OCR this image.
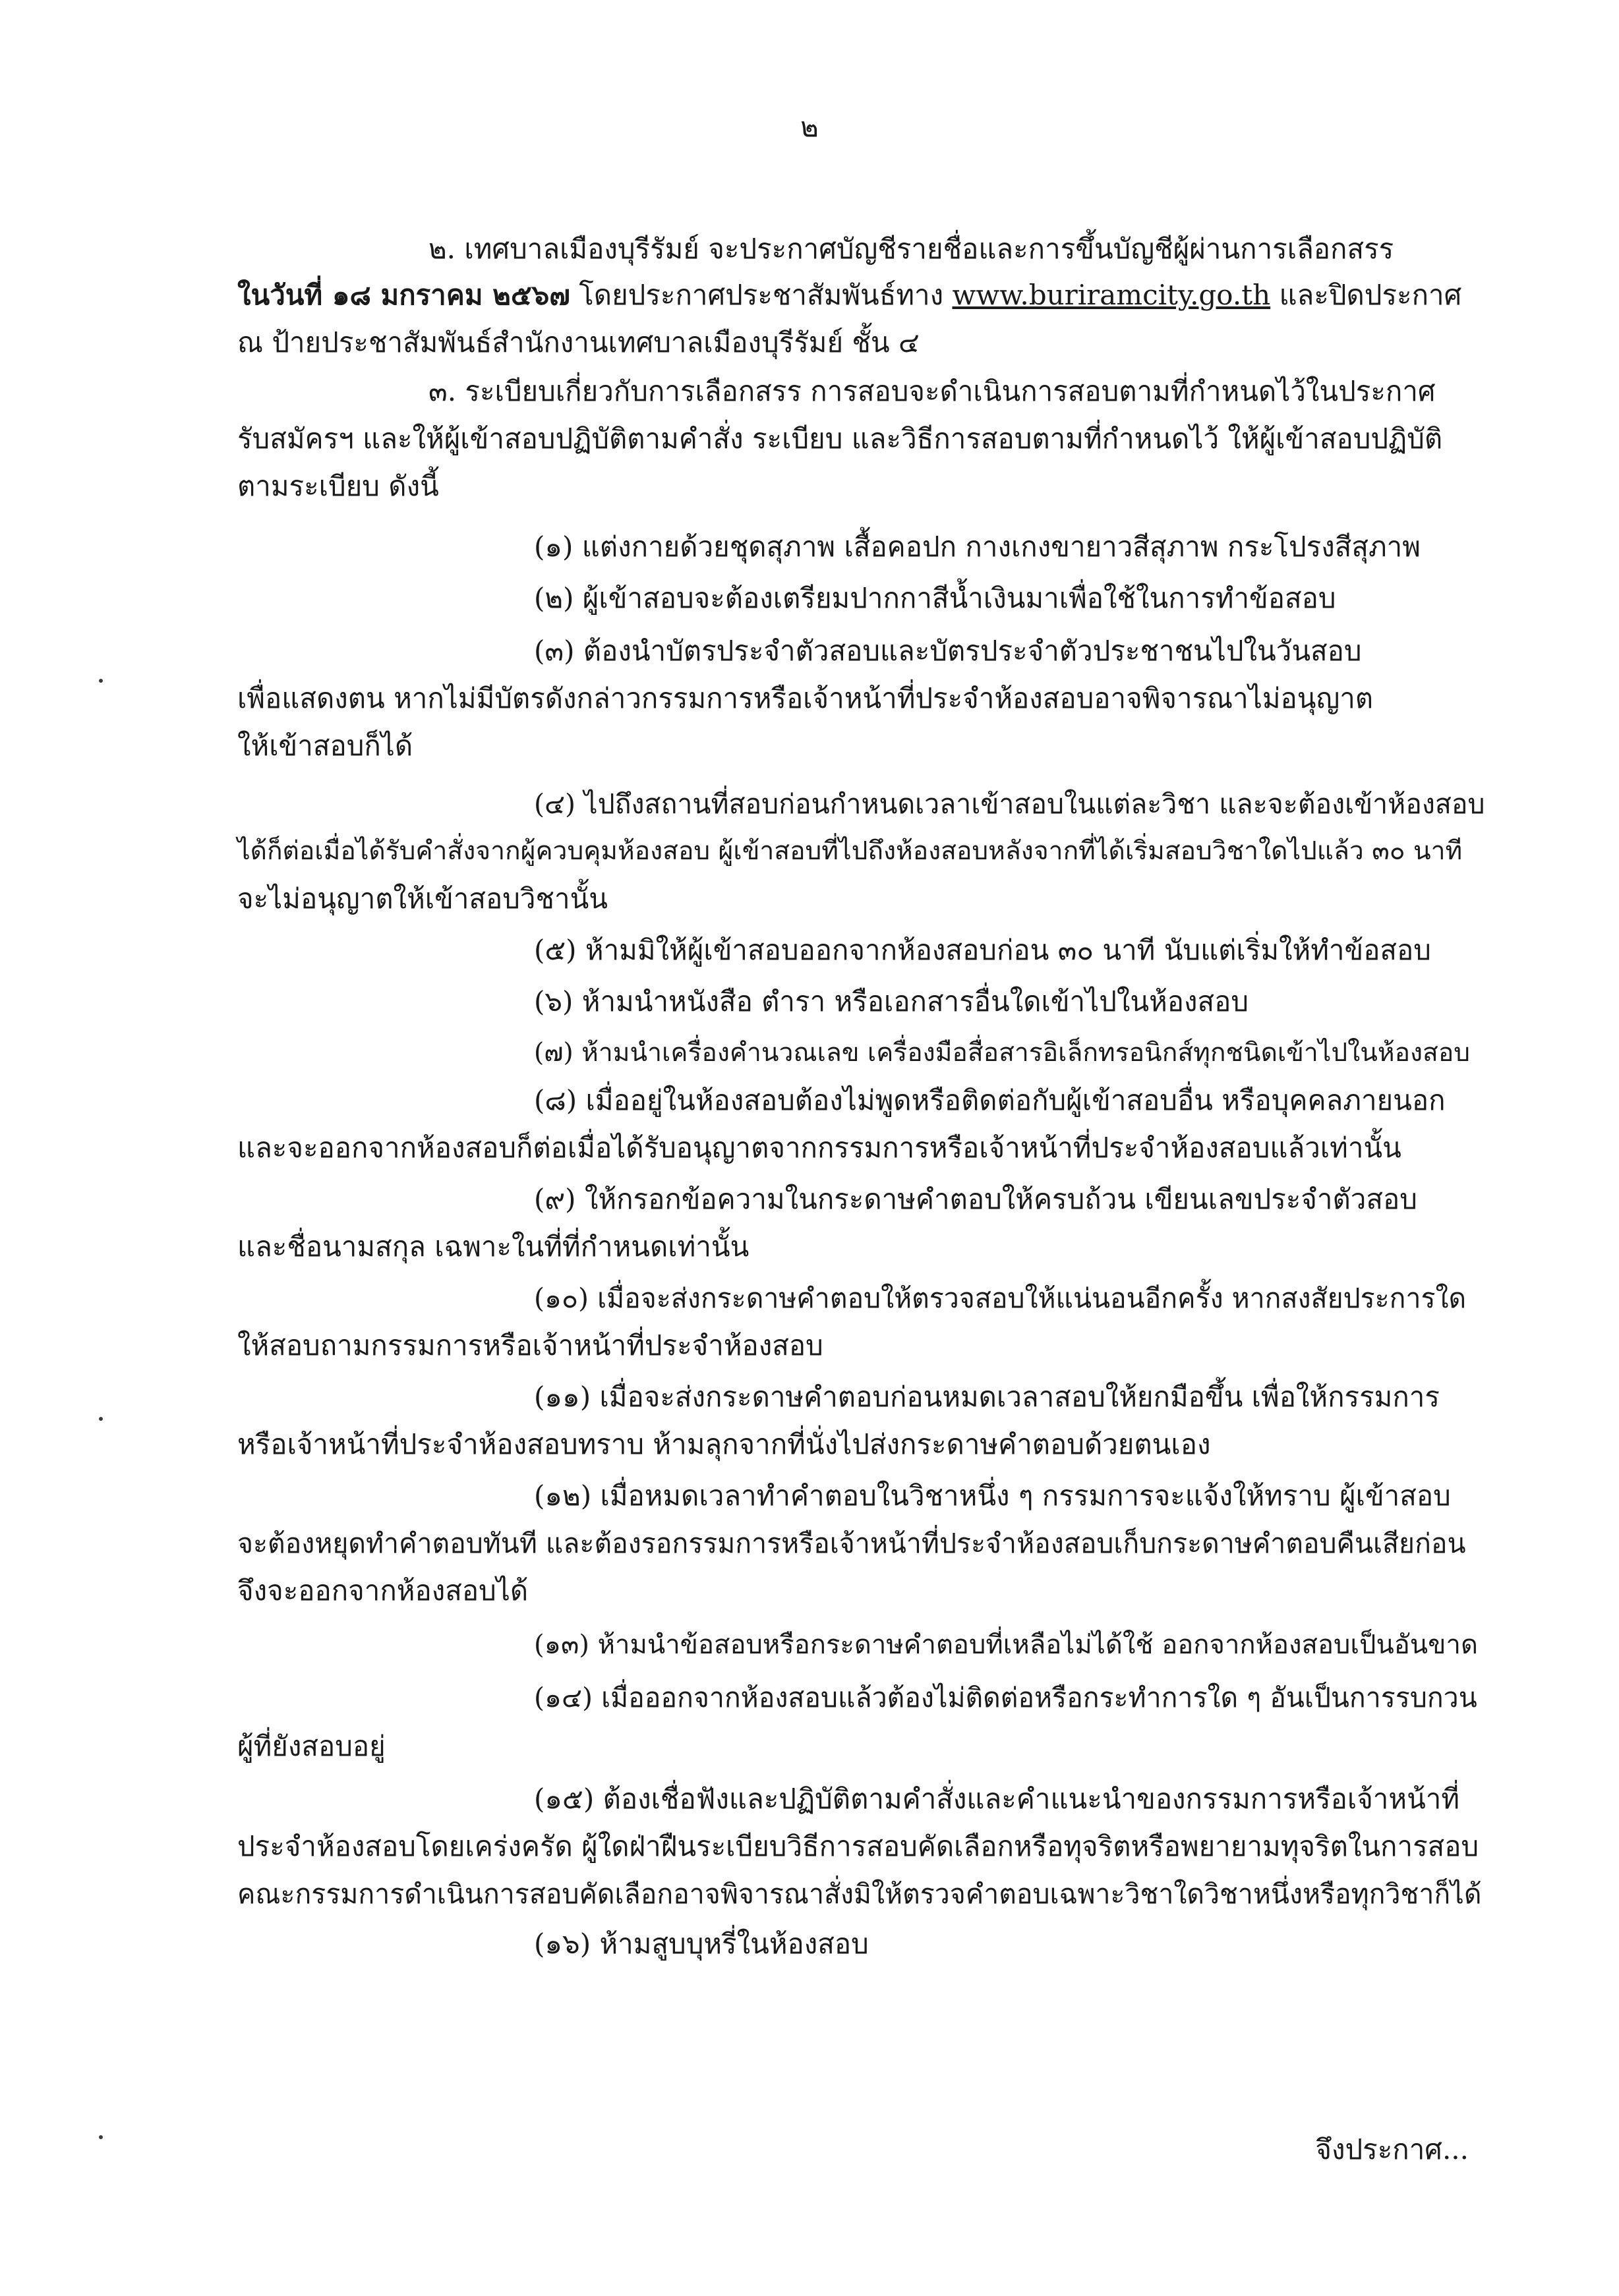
๒
๒. เทศบาลเมืองบุรีรัมย์ จะประกาศบัญชีรายชื่อและการขึ้นบัญชีผู้ผ่านการเลือกสรร
ในวันที่ ๑๘ มกราคม ๒๕๖๗ โดยประกาศประชาสัมพันธ์ทาง www.buriramcity.go.th และปิดประกาศ
ณ ป้ายประชาสัมพันธ์สำนักงานเทศบาลเมืองบุรีรัมย์ ชั้น ๔
๓. ระเบียบเกี่ยวกับการเลือกสรร การสอบจะดำเนินการสอบตามที่กำหนดไว้ในประกาศ
รับสมัครฯ และให้ผู้เข้าสอบปฏิบัติตามคำสั่ง ระเบียบ และวิธีการสอบตามที่กำหนดไว้ ให้ผู้เข้าสอบปฏิบัติ
ตามระเบียบ ดังนี้
(๑) แต่งกายด้วยชุดสุภาพ เสื้อคอปก กางเกงขายาวสีสุภาพ กระโปรงสีสุภาพ
(๒) ผู้เข้าสอบจะต้องเตรียมปากกาสีน้ำเงินมาเพื่อใช้ในการทำข้อสอบ
(๓) ต้องนำบัตรประจำตัวสอบและบัตรประจำตัวประชาชนไปในวันสอบ
เพื่อแสดงตน หากไม่มีบัตรดังกล่าวกรรมการหรือเจ้าหน้าที่ประจำห้องสอบอาจพิจารณาไม่อนุญาต
ให้เข้าสอบก็ได้
(๔) ไปถึงสถานที่สอบก่อนกำหนดเวลาเข้าสอบในแต่ละวิชา และจะต้องเข้าห้องสอบ
ได้ก็ต่อเมื่อได้รับคำสั่งจากผู้ควบคุมห้องสอบ ผู้เข้าสอบที่ไปถึงห้องสอบหลังจากที่ได้เริ่มสอบวิชาใดไปแล้ว ๓๐ นาที
จะไม่อนุญาตให้เข้าสอบวิชานั้น
(๕) ห้ามมิให้ผู้เข้าสอบออกจากห้องสอบก่อน ๓๐ นาที นับแต่เริ่มให้ทำข้อสอบ
(๖) ห้ามนำหนังสือ ตำรา หรือเอกสารอื่นใดเข้าไปในห้องสอบ
(๗) ห้ามนำเครื่องคำนวณเลข เครื่องมือสื่อสารอิเล็กทรอนิกส์ทุกชนิดเข้าไปในห้องสอบ
(๘) เมื่ออยู่ในห้องสอบต้องไม่พูดหรือติดต่อกับผู้เข้าสอบอื่น หรือบุคคลภายนอก
และจะออกจากห้องสอบก็ต่อเมื่อได้รับอนุญาตจากกรรมการหรือเจ้าหน้าที่ประจำห้องสอบแล้วเท่านั้น
(๙) ให้กรอกข้อความในกระดาษคำตอบให้ครบถ้วน เขียนเลขประจำตัวสอบ
และชื่อนามสกุล เฉพาะในที่ที่กำหนดเท่านั้น
(๑๐) เมื่อจะส่งกระดาษคำตอบให้ตรวจสอบให้แน่นอนอีกครั้ง หากสงสัยประการใด
ให้สอบถามกรรมการหรือเจ้าหน้าที่ประจำห้องสอบ
(๑๑) เมื่อจะส่งกระดาษคำตอบก่อนหมดเวลาสอบให้ยกมือขึ้น เพื่อให้กรรมการ
หรือเจ้าหน้าที่ประจำห้องสอบทราบ ห้ามลุกจากที่นั่งไปส่งกระดาษคำตอบด้วยตนเอง
(๑๒) เมื่อหมดเวลาทำคำตอบในวิชาหนึ่ง ๆ กรรมการจะแจ้งให้ทราบ ผู้เข้าสอบ
จะต้องหยุดทำคำตอบทันที และต้องรอกรรมการหรือเจ้าหน้าที่ประจำห้องสอบเก็บกระดาษคำตอบคืนเสียก่อน
จึงจะออกจากห้องสอบได้
(๑๓) ห้ามนำข้อสอบหรือกระดาษคำตอบที่เหลือไม่ได้ใช้ ออกจากห้องสอบเป็นอันขาด
(๑๔) เมื่อออกจากห้องสอบแล้วต้องไม่ติดต่อหรือกระทำการใด ๆ อันเป็นการรบกวน
ผู้ที่ยังสอบอยู่
(๑๕) ต้องเชื่อฟังและปฏิบัติตามคำสั่งและคำแนะนำของกรรมการหรือเจ้าหน้าที่
ประจำห้องสอบโดยเคร่งครัด ผู้ใดฝ่าฝืนระเบียบวิธีการสอบคัดเลือกหรือทุจริตหรือพยายามทุจริตในการสอบ
คณะกรรมการดำเนินการสอบคัดเลือกอาจพิจารณาสั่งมิให้ตรวจคำตอบเฉพาะวิชาใดวิชาหนึ่งหรือทุกวิชาก็ได้
(๑๖) ห้ามสูบบุหรี่ในห้องสอบ
จึงประกาศ...
